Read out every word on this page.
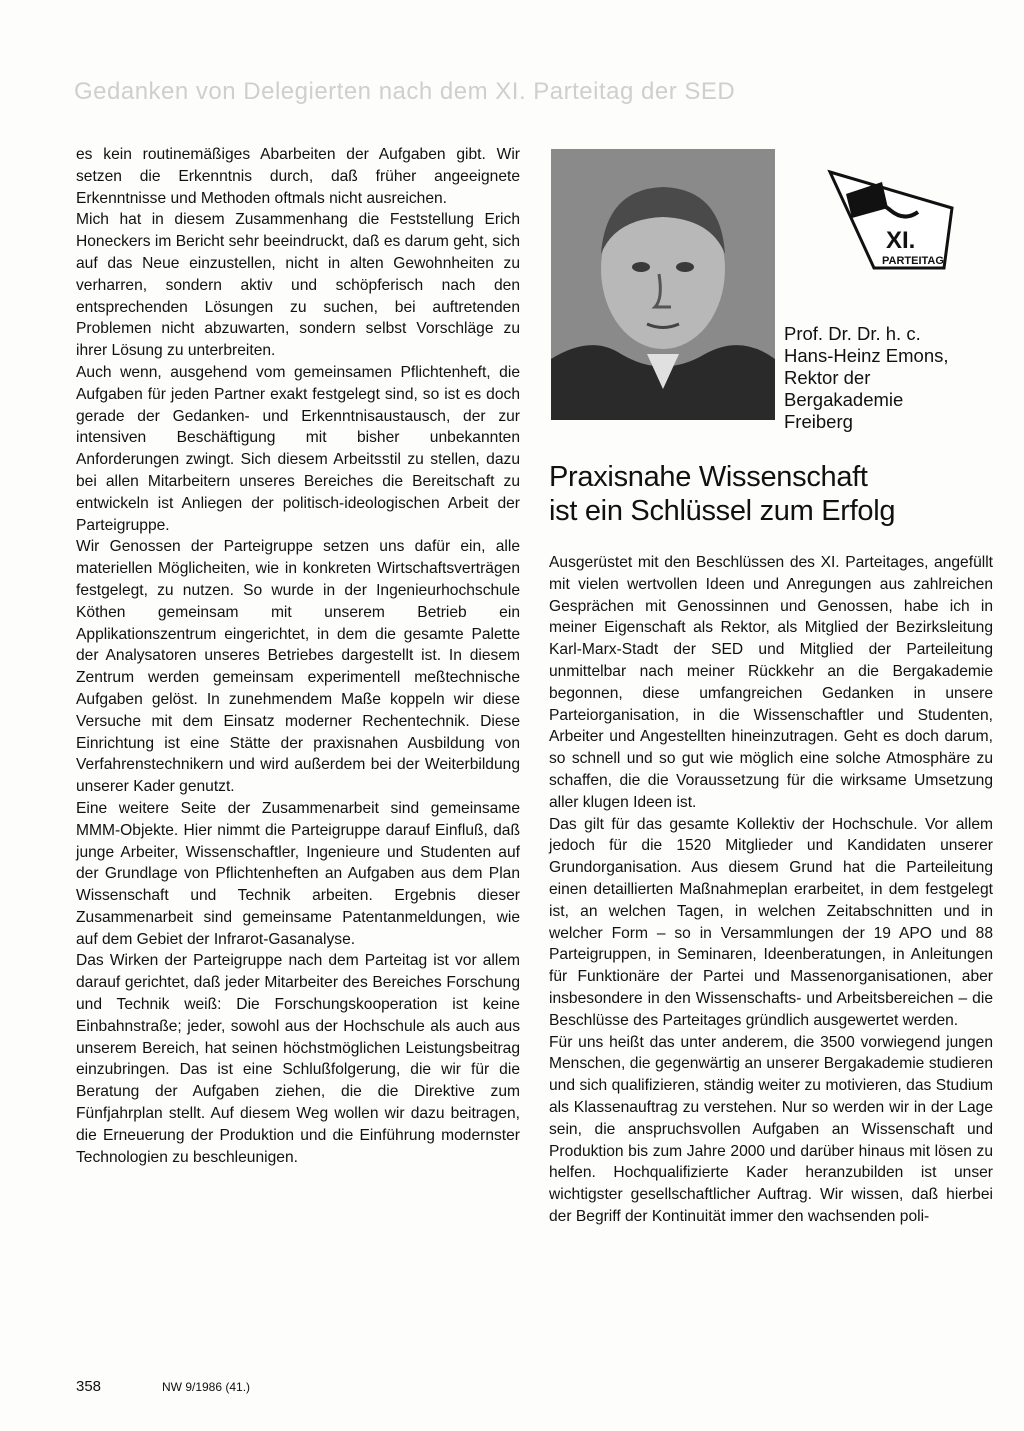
Gedanken von Delegierten nach dem XI. Parteitag der SED

es kein routinemäßiges Abarbeiten der Aufgaben gibt. Wir setzen die Erkenntnis durch, daß früher angeeignete Erkenntnisse und Methoden oftmals nicht ausreichen.

Mich hat in diesem Zusammenhang die Feststellung Erich Honeckers im Bericht sehr beeindruckt, daß es darum geht, sich auf das Neue einzustellen, nicht in alten Gewohnheiten zu verharren, sondern aktiv und schöpferisch nach den entsprechenden Lösungen zu suchen, bei auftretenden Problemen nicht abzuwarten, sondern selbst Vorschläge zu ihrer Lösung zu unterbreiten.

Auch wenn, ausgehend vom gemeinsamen Pflichtenheft, die Aufgaben für jeden Partner exakt festgelegt sind, so ist es doch gerade der Gedanken- und Erkenntnisaustausch, der zur intensiven Beschäftigung mit bisher unbekannten Anforderungen zwingt. Sich diesem Arbeitsstil zu stellen, dazu bei allen Mitarbeitern unseres Bereiches die Bereitschaft zu entwickeln ist Anliegen der politisch-ideologischen Arbeit der Parteigruppe.

Wir Genossen der Parteigruppe setzen uns dafür ein, alle materiellen Möglicheiten, wie in konkreten Wirtschaftsverträgen festgelegt, zu nutzen. So wurde in der Ingenieurhochschule Köthen gemeinsam mit unserem Betrieb ein Applikationszentrum eingerichtet, in dem die gesamte Palette der Analysatoren unseres Betriebes dargestellt ist. In diesem Zentrum werden gemeinsam experimentell meßtechnische Aufgaben gelöst. In zunehmendem Maße koppeln wir diese Versuche mit dem Einsatz moderner Rechentechnik. Diese Einrichtung ist eine Stätte der praxisnahen Ausbildung von Verfahrenstechnikern und wird außerdem bei der Weiterbildung unserer Kader genutzt.

Eine weitere Seite der Zusammenarbeit sind gemeinsame MMM-Objekte. Hier nimmt die Parteigruppe darauf Einfluß, daß junge Arbeiter, Wissenschaftler, Ingenieure und Studenten auf der Grundlage von Pflichtenheften an Aufgaben aus dem Plan Wissenschaft und Technik arbeiten. Ergebnis dieser Zusammenarbeit sind gemeinsame Patentanmeldungen, wie auf dem Gebiet der Infrarot-Gasanalyse.

Das Wirken der Parteigruppe nach dem Parteitag ist vor allem darauf gerichtet, daß jeder Mitarbeiter des Bereiches Forschung und Technik weiß: Die Forschungskooperation ist keine Einbahnstraße; jeder, sowohl aus der Hochschule als auch aus unserem Bereich, hat seinen höchstmöglichen Leistungsbeitrag einzubringen. Das ist eine Schlußfolgerung, die wir für die Beratung der Aufgaben ziehen, die die Direktive zum Fünfjahrplan stellt. Auf diesem Weg wollen wir dazu beitragen, die Erneuerung der Produktion und die Einführung modernster Technologien zu beschleunigen.

XI.
PARTEITAG
Prof. Dr. Dr. h. c.
Hans-Heinz Emons,
Rektor der
Bergakademie
Freiberg
Praxisnahe Wissenschaft
ist ein Schlüssel zum Erfolg

Ausgerüstet mit den Beschlüssen des XI. Parteitages, angefüllt mit vielen wertvollen Ideen und Anregungen aus zahlreichen Gesprächen mit Genossinnen und Genossen, habe ich in meiner Eigenschaft als Rektor, als Mitglied der Bezirksleitung Karl-Marx-Stadt der SED und Mitglied der Parteileitung unmittelbar nach meiner Rückkehr an die Bergakademie begonnen, diese umfangreichen Gedanken in unsere Parteiorganisation, in die Wissenschaftler und Studenten, Arbeiter und Angestellten hineinzutragen. Geht es doch darum, so schnell und so gut wie möglich eine solche Atmosphäre zu schaffen, die die Voraussetzung für die wirksame Umsetzung aller klugen Ideen ist.

Das gilt für das gesamte Kollektiv der Hochschule. Vor allem jedoch für die 1520 Mitglieder und Kandidaten unserer Grundorganisation. Aus diesem Grund hat die Parteileitung einen detaillierten Maßnahmeplan erarbeitet, in dem festgelegt ist, an welchen Tagen, in welchen Zeitabschnitten und in welcher Form – so in Versammlungen der 19 APO und 88 Parteigruppen, in Seminaren, Ideenberatungen, in Anleitungen für Funktionäre der Partei und Massenorganisationen, aber insbesondere in den Wissenschafts- und Arbeitsbereichen – die Beschlüsse des Parteitages gründlich ausgewertet werden.

Für uns heißt das unter anderem, die 3500 vorwiegend jungen Menschen, die gegenwärtig an unserer Bergakademie studieren und sich qualifizieren, ständig weiter zu motivieren, das Studium als Klassenauftrag zu verstehen. Nur so werden wir in der Lage sein, die anspruchsvollen Aufgaben an Wissenschaft und Produktion bis zum Jahre 2000 und darüber hinaus mit lösen zu helfen. Hochqualifizierte Kader heranzubilden ist unser wichtigster gesellschaftlicher Auftrag. Wir wissen, daß hierbei der Begriff der Kontinuität immer den wachsenden poli-

358	NW 9/1986 (41.)
